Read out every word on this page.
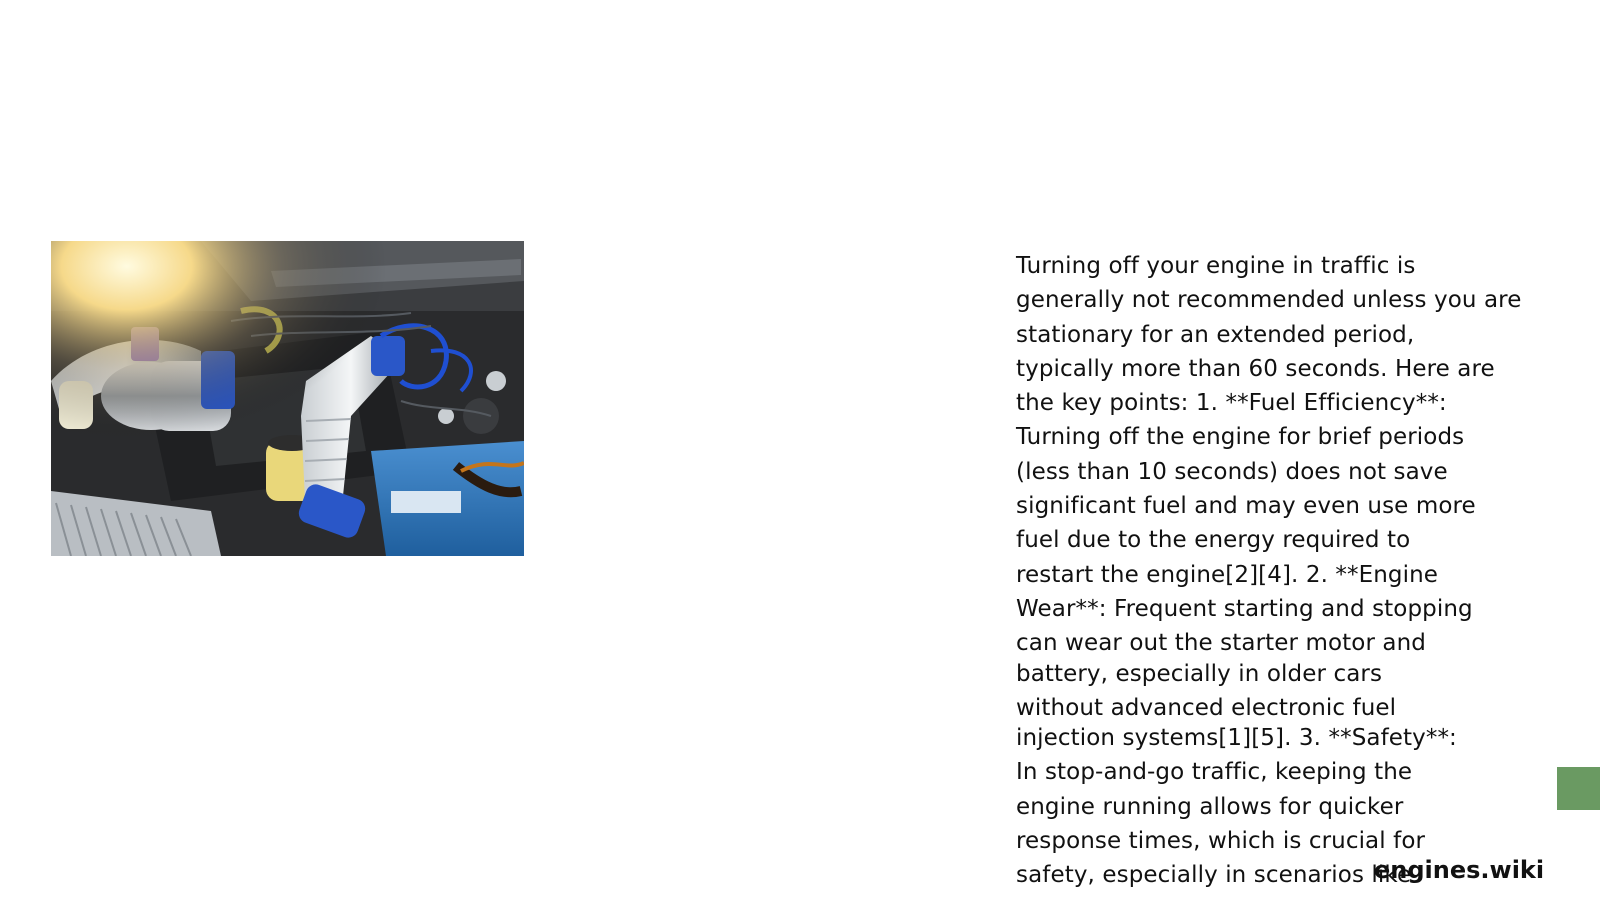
Turning off your engine in traffic is
generally not recommended unless you are
stationary for an extended period,
typically more than 60 seconds. Here are
the key points: 1. **Fuel Efficiency**:
Turning off the engine for brief periods
(less than 10 seconds) does not save
significant fuel and may even use more
fuel due to the energy required to
restart the engine[2][4]. 2. **Engine
Wear**: Frequent starting and stopping
can wear out the starter motor and
battery, especially in older cars
without advanced electronic fuel
injection systems[1][5]. 3. **Safety**:
In stop-and-go traffic, keeping the
engine running allows for quicker
response times, which is crucial for
safety, especially in scenarios like
engines.wiki
